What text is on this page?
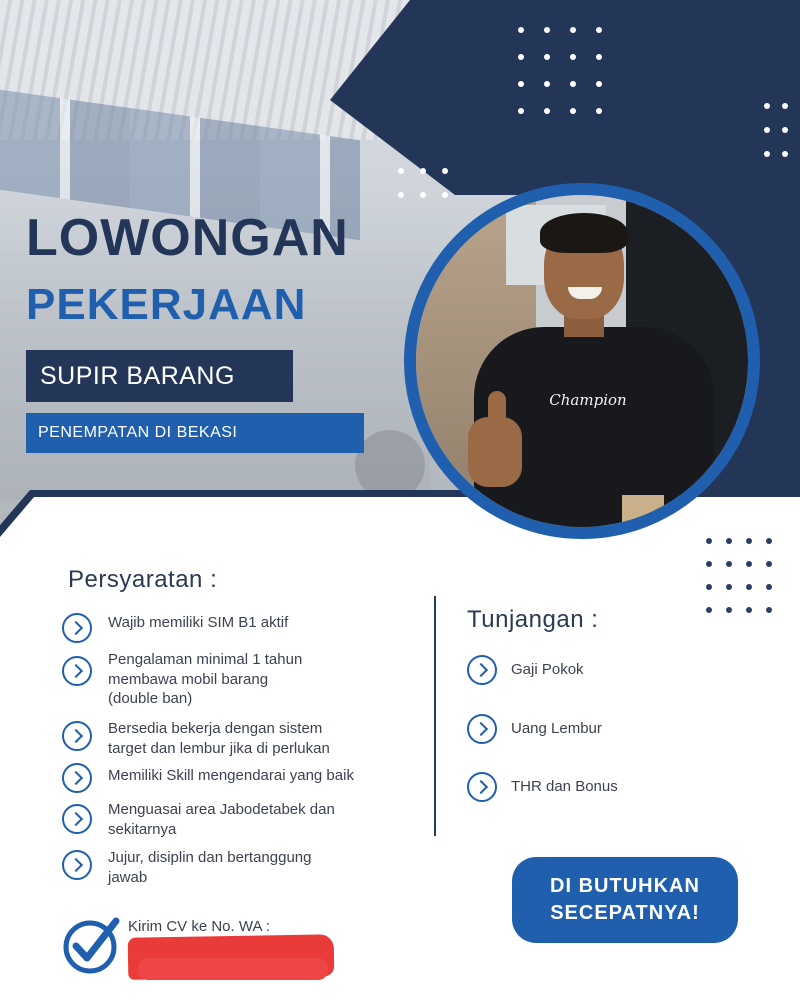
LOWONGAN
PEKERJAAN
SUPIR BARANG
PENEMPATAN DI BEKASI
Champion
Persyaratan :
Wajib memiliki SIM B1 aktif
Pengalaman minimal 1 tahun
membawa mobil barang
(double ban)
Bersedia bekerja dengan sistem
target dan lembur jika di perlukan
Memiliki Skill mengendarai yang baik
Menguasai area Jabodetabek dan
sekitarnya
Jujur, disiplin dan bertanggung
jawab
Tunjangan :
Gaji Pokok
Uang Lembur
THR dan Bonus
DI BUTUHKAN
SECEPATNYA!
Kirim CV ke No. WA :
